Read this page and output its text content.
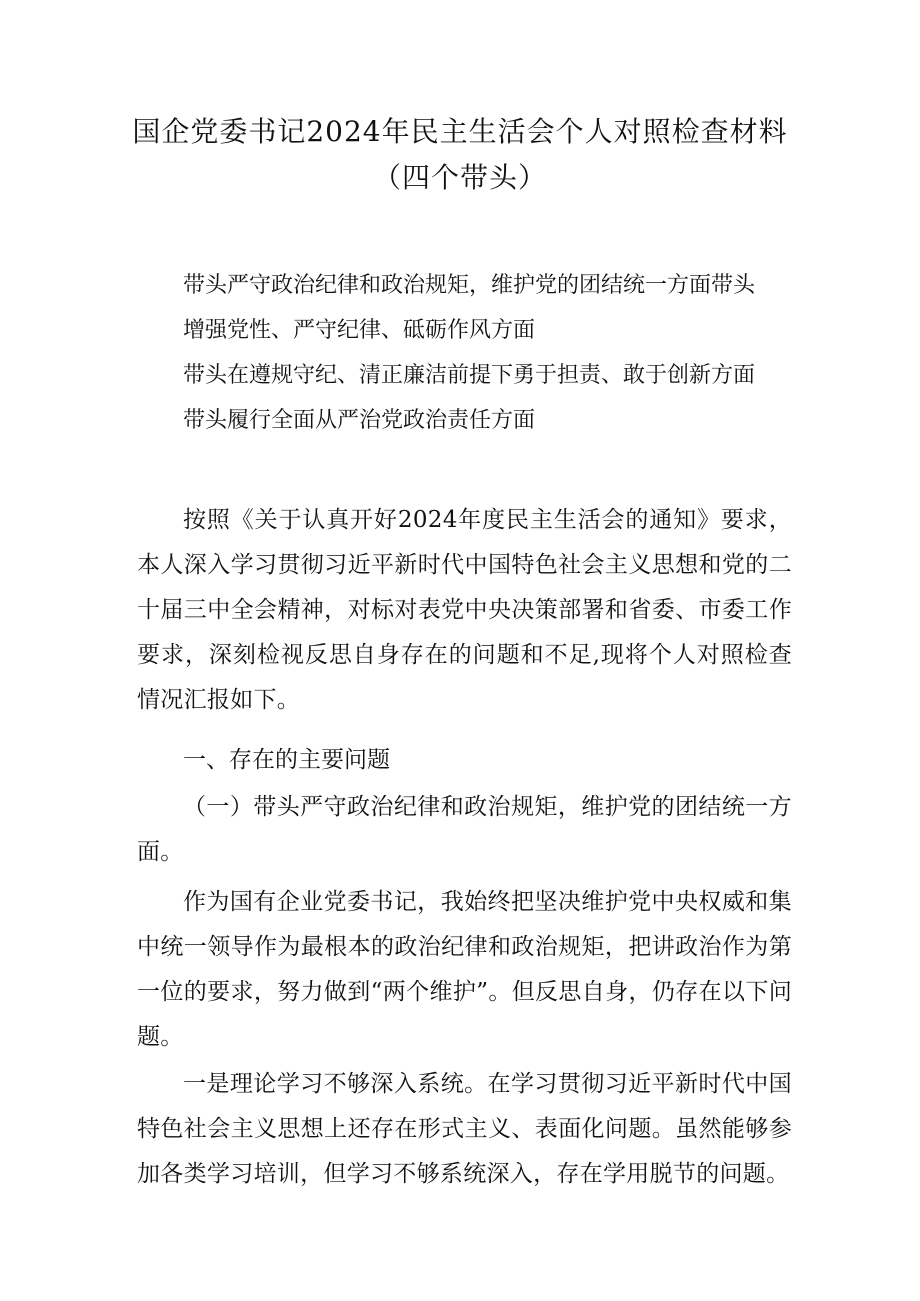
国企党委书记2024年民主生活会个人对照检查材料
（四个带头）
带头严守政治纪律和政治规矩，维护党的团结统一方面带头
增强党性、严守纪律、砥砺作风方面
带头在遵规守纪、清正廉洁前提下勇于担责、敢于创新方面
带头履行全面从严治党政治责任方面

按照《关于认真开好2024年度民主生活会的通知》要求，本人深入学习贯彻习近平新时代中国特色社会主义思想和党的二十届三中全会精神，对标对表党中央决策部署和省委、市委工作要求，深刻检视反思自身存在的问题和不足,现将个人对照检查情况汇报如下。

一、存在的主要问题

（一）带头严守政治纪律和政治规矩，维护党的团结统一方面。

作为国有企业党委书记，我始终把坚决维护党中央权威和集中统一领导作为最根本的政治纪律和政治规矩，把讲政治作为第一位的要求，努力做到“两个维护”。但反思自身，仍存在以下问题。

一是理论学习不够深入系统。在学习贯彻习近平新时代中国特色社会主义思想上还存在形式主义、表面化问题。虽然能够参加各类学习培训，但学习不够系统深入，存在学用脱节的问题。
